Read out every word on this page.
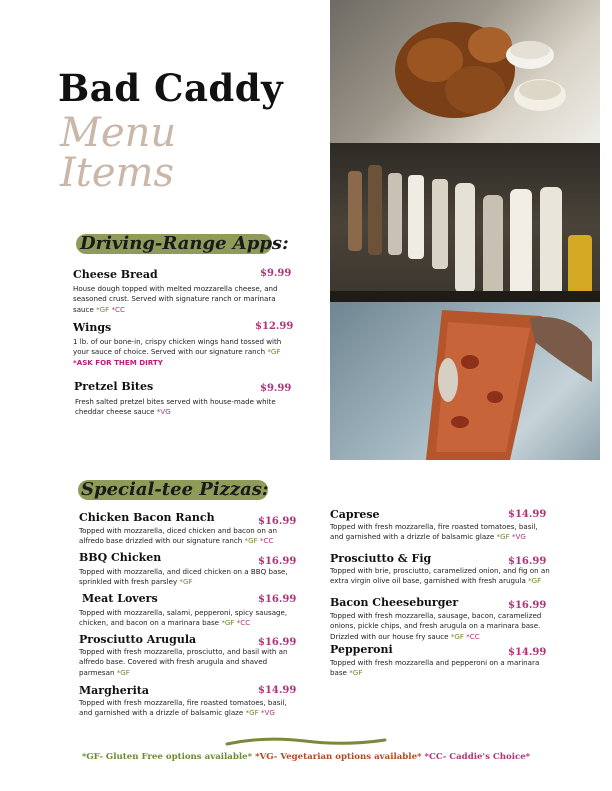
Bad Caddy
Menu
Items
Driving-Range Apps:
Cheese Bread	$9.99
House dough topped with melted mozzarella cheese, and seasoned crust. Served with signature ranch or marinara sauce *GF *CC
Wings	$12.99
1 lb. of our bone-in, crispy chicken wings hand tossed with your sauce of choice. Served with our signature ranch *GF
*ASK FOR THEM DIRTY
Pretzel Bites	$9.99
Fresh salted pretzel bites served with house-made white cheddar cheese sauce *VG
Special-tee Pizzas:
Chicken Bacon Ranch	$16.99
Topped with mozzarella, diced chicken and bacon on an alfredo base drizzled with our signature ranch *GF *CC
BBQ Chicken	$16.99
Topped with mozzarella, and diced chicken on a BBQ base, sprinkled with fresh parsley *GF
Meat Lovers	$16.99
Topped with mozzarella, salami, pepperoni, spicy sausage, chicken, and bacon on a marinara base *GF *CC
Prosciutto Arugula	$16.99
Topped with fresh mozzarella, prosciutto, and basil with an alfredo base. Covered with fresh arugula and shaved parmesan *GF
Margherita	$14.99
Topped with fresh mozzarella, fire roasted tomatoes, basil, and garnished with a drizzle of balsamic glaze *GF *VG
Caprese	$14.99
Topped with fresh mozzarella, fire roasted tomatoes, basil, and garnished with a drizzle of balsamic glaze *GF *VG
Prosciutto & Fig	$16.99
Topped with brie, prosciutto, caramelized onion, and fig on an extra virgin olive oil base, garnished with fresh arugula *GF
Bacon Cheeseburger	$16.99
Topped with fresh mozzarella, sausage, bacon, caramelized onions, pickle chips, and fresh arugula on a marinara base. Drizzled with our house fry sauce *GF *CC
Pepperoni	$14.99
Topped with fresh mozzarella and pepperoni on a marinara base *GF
*GF- Gluten Free options available* *VG- Vegetarian options available* *CC- Caddie's Choice*
